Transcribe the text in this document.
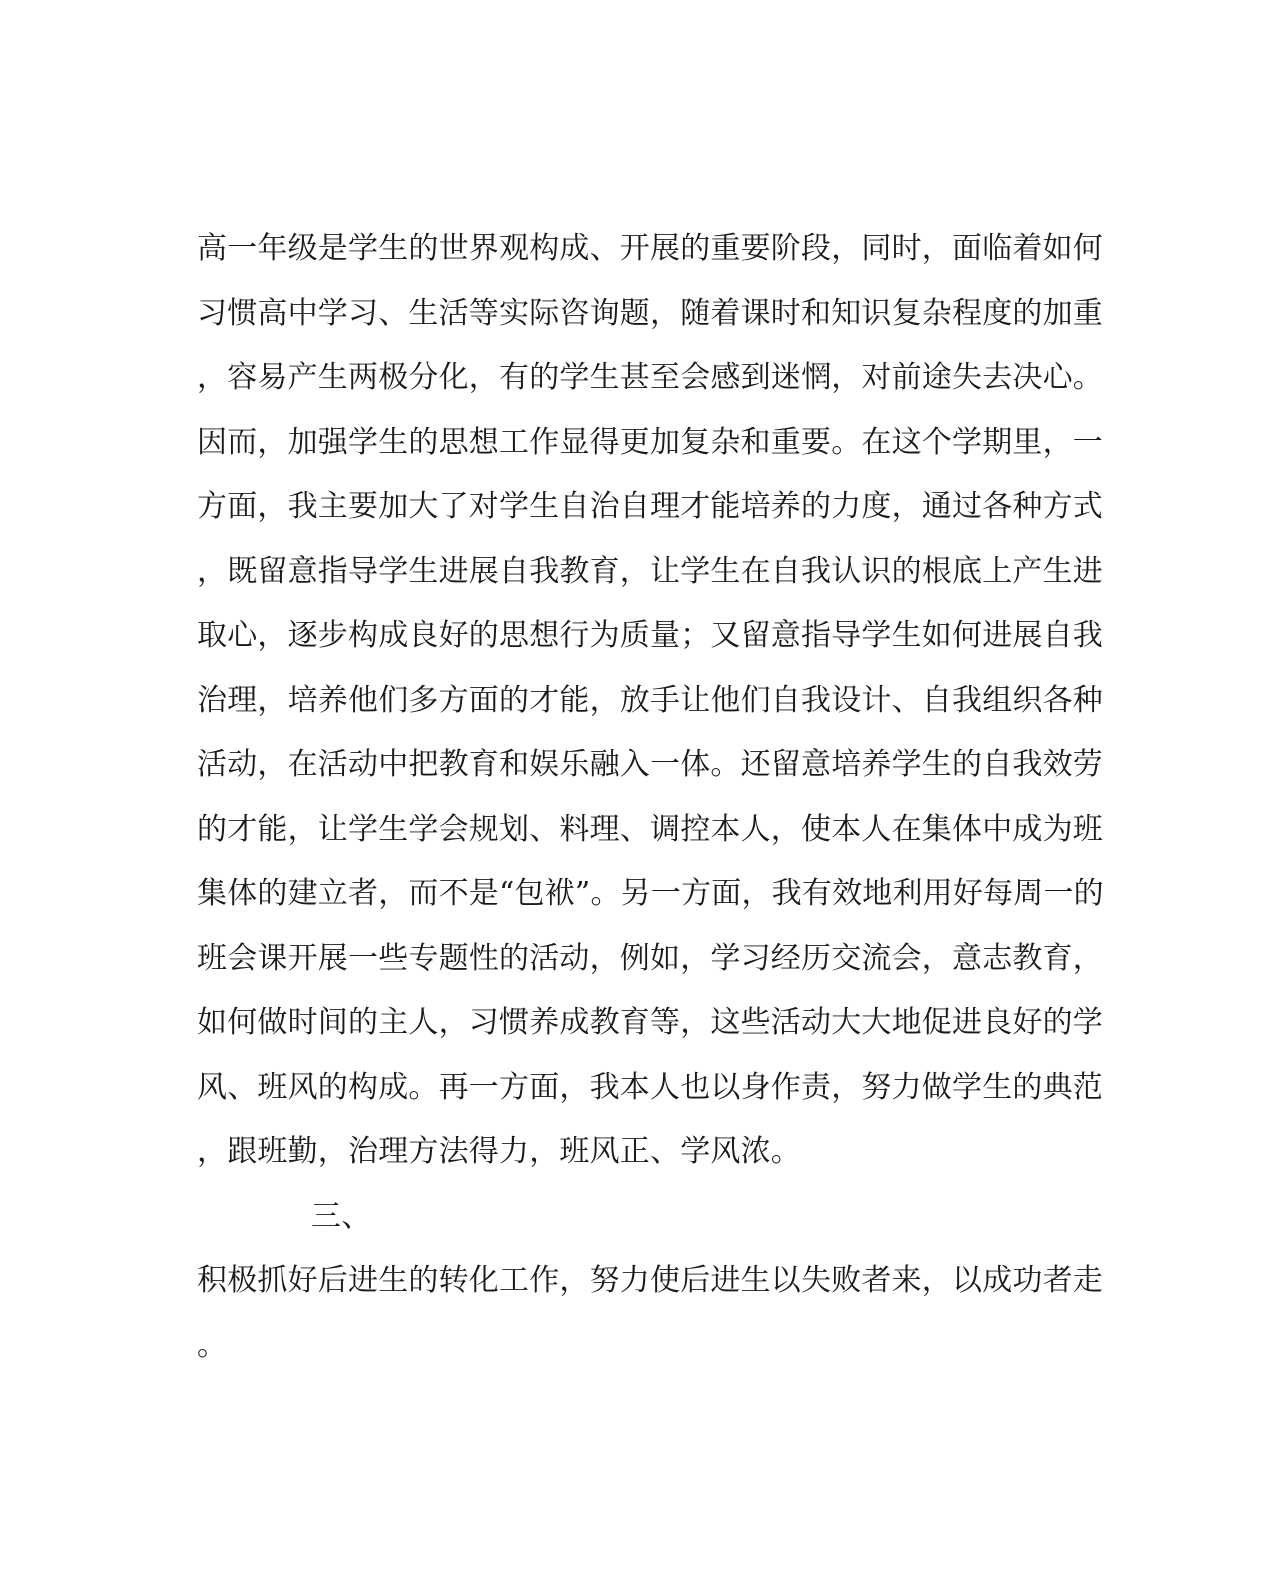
高一年级是学生的世界观构成、开展的重要阶段，同时，面临着如何
习惯高中学习、生活等实际咨询题，随着课时和知识复杂程度的加重
，容易产生两极分化，有的学生甚至会感到迷惘，对前途失去决心。
因而，加强学生的思想工作显得更加复杂和重要。在这个学期里，一
方面，我主要加大了对学生自治自理才能培养的力度，通过各种方式
，既留意指导学生进展自我教育，让学生在自我认识的根底上产生进
取心，逐步构成良好的思想行为质量；又留意指导学生如何进展自我
治理，培养他们多方面的才能，放手让他们自我设计、自我组织各种
活动，在活动中把教育和娱乐融入一体。还留意培养学生的自我效劳
的才能，让学生学会规划、料理、调控本人，使本人在集体中成为班
集体的建立者，而不是“包袱”。另一方面，我有效地利用好每周一的
班会课开展一些专题性的活动，例如，学习经历交流会，意志教育，
如何做时间的主人，习惯养成教育等，这些活动大大地促进良好的学
风、班风的构成。再一方面，我本人也以身作责，努力做学生的典范
，跟班勤，治理方法得力，班风正、学风浓。
三、
积极抓好后进生的转化工作，努力使后进生以失败者来，以成功者走
。
